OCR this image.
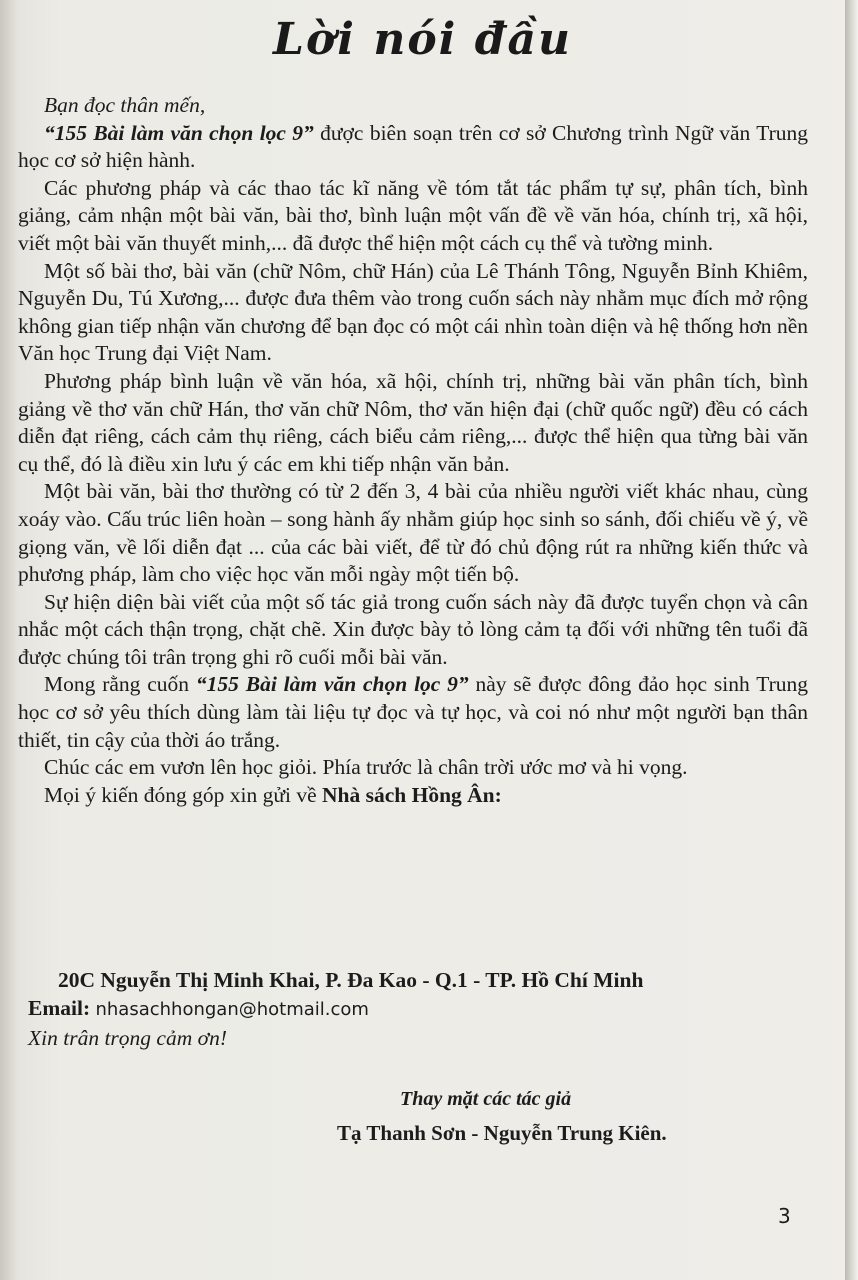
Lời nói đầu

Bạn đọc thân mến,

“155 Bài làm văn chọn lọc 9” được biên soạn trên cơ sở Chương trình Ngữ văn Trung học cơ sở hiện hành.

Các phương pháp và các thao tác kĩ năng về tóm tắt tác phẩm tự sự, phân tích, bình giảng, cảm nhận một bài văn, bài thơ, bình luận một vấn đề về văn hóa, chính trị, xã hội, viết một bài văn thuyết minh,... đã được thể hiện một cách cụ thể và tường minh.

Một số bài thơ, bài văn (chữ Nôm, chữ Hán) của Lê Thánh Tông, Nguyễn Bỉnh Khiêm, Nguyễn Du, Tú Xương,... được đưa thêm vào trong cuốn sách này nhằm mục đích mở rộng không gian tiếp nhận văn chương để bạn đọc có một cái nhìn toàn diện và hệ thống hơn nền Văn học Trung đại Việt Nam.

Phương pháp bình luận về văn hóa, xã hội, chính trị, những bài văn phân tích, bình giảng về thơ văn chữ Hán, thơ văn chữ Nôm, thơ văn hiện đại (chữ quốc ngữ) đều có cách diễn đạt riêng, cách cảm thụ riêng, cách biểu cảm riêng,... được thể hiện qua từng bài văn cụ thể, đó là điều xin lưu ý các em khi tiếp nhận văn bản.

Một bài văn, bài thơ thường có từ 2 đến 3, 4 bài của nhiều người viết khác nhau, cùng xoáy vào. Cấu trúc liên hoàn – song hành ấy nhằm giúp học sinh so sánh, đối chiếu về ý, về giọng văn, về lối diễn đạt ... của các bài viết, để từ đó chủ động rút ra những kiến thức và phương pháp, làm cho việc học văn mỗi ngày một tiến bộ.

Sự hiện diện bài viết của một số tác giả trong cuốn sách này đã được tuyển chọn và cân nhắc một cách thận trọng, chặt chẽ. Xin được bày tỏ lòng cảm tạ đối với những tên tuổi đã được chúng tôi trân trọng ghi rõ cuối mỗi bài văn.

Mong rằng cuốn “155 Bài làm văn chọn lọc 9” này sẽ được đông đảo học sinh Trung học cơ sở yêu thích dùng làm tài liệu tự đọc và tự học, và coi nó như một người bạn thân thiết, tin cậy của thời áo trắng.

Chúc các em vươn lên học giỏi. Phía trước là chân trời ước mơ và hi vọng.

Mọi ý kiến đóng góp xin gửi về Nhà sách Hồng Ân:

20C Nguyễn Thị Minh Khai, P. Đa Kao - Q.1 - TP. Hồ Chí Minh
Email: nhasachhongan@hotmail.com
Xin trân trọng cảm ơn!
Thay mặt các tác giả
Tạ Thanh Sơn - Nguyễn Trung Kiên.
3
